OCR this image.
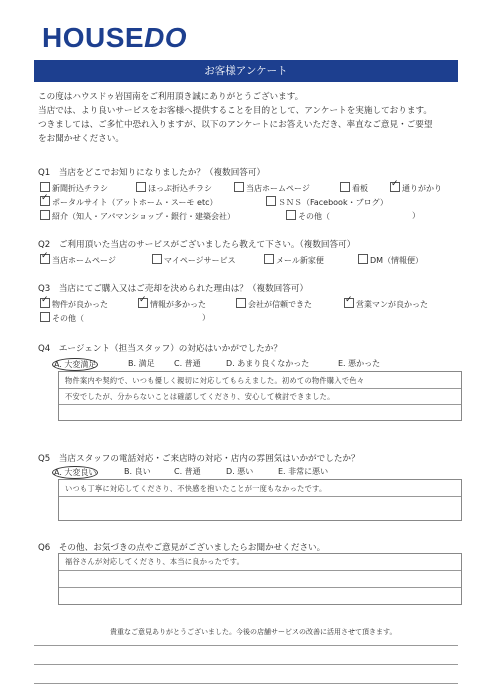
HOUSEDO
お客様アンケート
この度はハウスドゥ岩国南をご利用頂き誠にありがとうございます。
当店では、より良いサービスをお客様へ提供することを目的として、アンケートを実施しております。
つきましては、ご多忙中恐れ入りますが、以下のアンケートにお答えいただき、率直なご意見・ご要望
をお聞かせください。
Q1　当店をどこでお知りになりましたか？（複数回答可）
新聞折込チラシ	ほっぷ折込チラシ	当店ホームページ	看板 ✓	通りがかり
✓ポータルサイト（アットホーム・スーモ etc）	ＳＮＳ（Facebook・ブログ）
紹介（知人・アパマンショップ・銀行・建築会社）	その他（	）
Q2　ご利用頂いた当店のサービスがございましたら教えて下さい。（複数回答可）
✓当店ホームページ	マイページサービス	メール新家便	DM（情報便）
Q3　当店にてご購入又はご売却を決められた理由は？（複数回答可）
✓物件が良かった ✓	情報が多かった	会社が信頼できた ✓	営業マンが良かった
その他（	）
Q4　エージェント（担当スタッフ）の対応はいかがでしたか？
A. 大変満足	B. 満足 C. 普通	D. あまり良くなかった	E. 悪かった
物件案内や契約で、いつも優しく親切に対応してもらえました。初めての物件購入で色々
不安でしたが、分からないことは確認してくださり、安心して検討できました。
Q5　当店スタッフの電話対応・ご来店時の対応・店内の雰囲気はいかがでしたか？
A. 大変良い	B. 良い	C. 普通	D. 悪い	E. 非常に悪い
いつも丁寧に対応してくださり、不快感を抱いたことが一度もなかったです。
Q6　その他、お気づきの点やご意見がございましたらお聞かせください。
福谷さんが対応してくださり、本当に良かったです。
貴重なご意見ありがとうございました。今後の店舗サービスの改善に活用させて頂きます。
